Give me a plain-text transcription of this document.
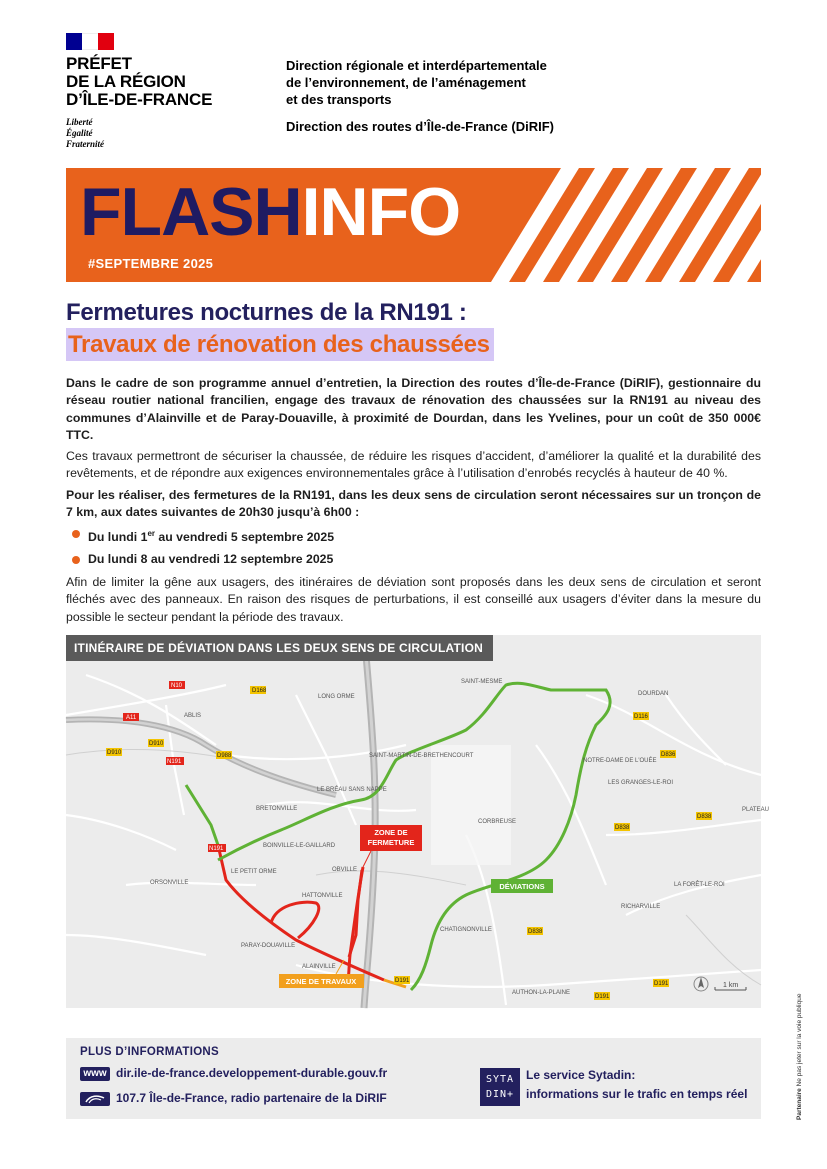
PRÉFET
DE LA RÉGION
D’ÎLE-DE-FRANCE
Liberté
Égalité
Fraternité
Direction régionale et interdépartementale
de l’environnement, de l’aménagement
et des transports
Direction des routes d’Île-de-France (DiRIF)
FLASHINFO
#SEPTEMBRE 2025
Fermetures nocturnes de la RN191 :
Travaux de rénovation des chaussées

Dans le cadre de son programme annuel d’entretien, la Direction des routes d’Île-de-France (DiRIF), gestionnaire du réseau routier national francilien, engage des travaux de rénovation des chaussées sur la RN191 au niveau des communes d’Alainville et de Paray-Douaville, à proximité de Dourdan, dans les Yvelines, pour un coût de 350 000€ TTC.

Ces travaux permettront de sécuriser la chaussée, de réduire les risques d’accident, d’améliorer la qualité et la durabilité des revêtements, et de répondre aux exigences environnementales grâce à l’utilisation d’enrobés recyclés à hauteur de 40 %.

Pour les réaliser, des fermetures de la RN191, dans les deux sens de circulation seront nécessaires sur un tronçon de 7 km, aux dates suivantes de 20h30 jusqu’à 6h00 :

Du lundi 1er au vendredi 5 septembre 2025
Du lundi 8 au vendredi 12 septembre 2025

Afin de limiter la gêne aux usagers, des itinéraires de déviation sont proposés dans les deux sens de circulation et seront fléchés avec des panneaux. En raison des risques de perturbations, il est conseillé aux usagers d’éviter dans la mesure du possible le secteur pendant la période des travaux.

ITINÉRAIRE DE DÉVIATION DANS LES DEUX SENS DE CIRCULATION
N10
D168
A11
D910
D910	D988
N191
N191
D116
D836
D838
D838
D838
D191	D191
D191
LONG ORME
SAINT-MESME
DOURDAN
ABLIS
SAINT-MARTIN-DE-BRETHENCOURT
NOTRE-DAME DE L'OUÉE
LES GRANGES-LE-ROI
LE BRÉAU SANS NAPPE
BRETONVILLE	PLATEAU
CORBREUSE
BOINVILLE-LE-GAILLARD
ORSONVILLE
LE PETIT ORME	OBVILLE
LA FORÊT-LE-ROI
HATTONVILLE
RICHARVILLE
CHATIGNONVILLE
PARAY-DOUAVILLE
ALAINVILLE
AUTHON-LA-PLAINE
ZONE DE
FERMETURE
ZONE DE TRAVAUX
DÉVIATIONS
1 km
PLUS D’INFORMATIONS
www dir.ile-de-france.developpement-durable.gouv.fr
107.7 Île-de-France, radio partenaire de la DiRIF
SYTA
DIN+
Le service Sytadin:
informations sur le trafic en temps réel	Partenaire Ne pas jeter sur la voie publique
